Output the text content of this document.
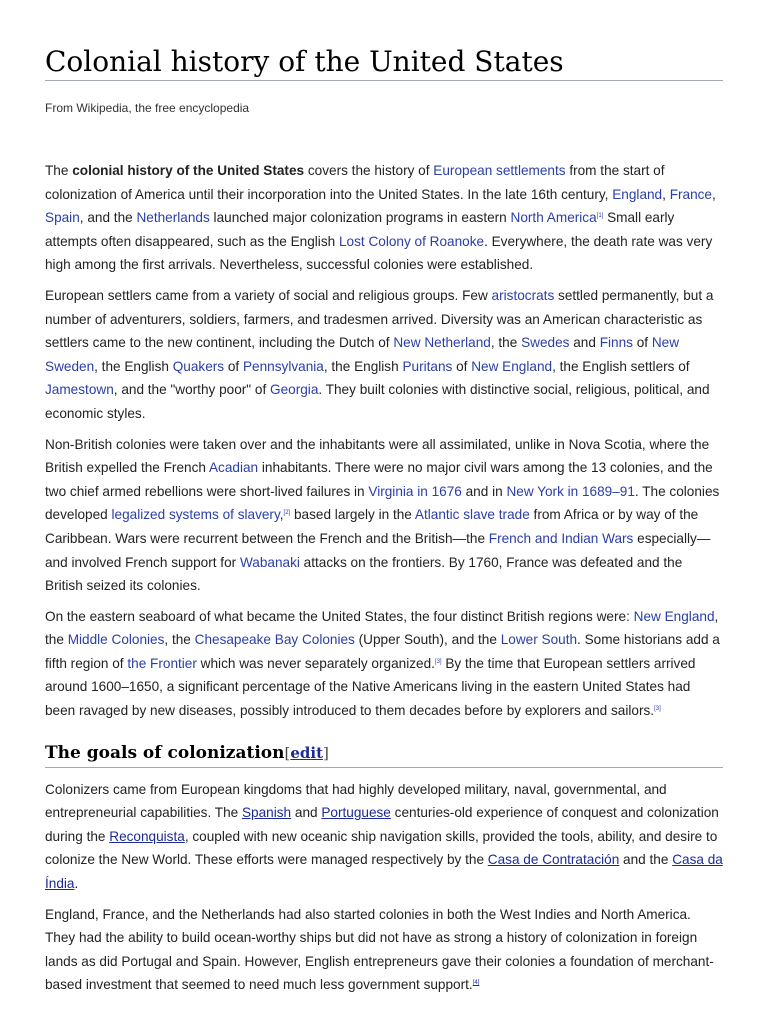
Colonial history of the United States
From Wikipedia, the free encyclopedia

The colonial history of the United States covers the history of European settlements from the start of colonization of America until their incorporation into the United States. In the late 16th century, England, France, Spain, and the Netherlands launched major colonization programs in eastern North America[1] Small early attempts often disappeared, such as the English Lost Colony of Roanoke. Everywhere, the death rate was very high among the first arrivals. Nevertheless, successful colonies were established.

European settlers came from a variety of social and religious groups. Few aristocrats settled permanently, but a number of adventurers, soldiers, farmers, and tradesmen arrived. Diversity was an American characteristic as settlers came to the new continent, including the Dutch of New Netherland, the Swedes and Finns of New Sweden, the English Quakers of Pennsylvania, the English Puritans of New England, the English settlers of Jamestown, and the "worthy poor" of Georgia. They built colonies with distinctive social, religious, political, and economic styles.

Non-British colonies were taken over and the inhabitants were all assimilated, unlike in Nova Scotia, where the British expelled the French Acadian inhabitants. There were no major civil wars among the 13 colonies, and the two chief armed rebellions were short-lived failures in Virginia in 1676 and in New York in 1689–91. The colonies developed legalized systems of slavery,[2] based largely in the Atlantic slave trade from Africa or by way of the Caribbean. Wars were recurrent between the French and the British—the French and Indian Wars especially—and involved French support for Wabanaki attacks on the frontiers. By 1760, France was defeated and the British seized its colonies.

On the eastern seaboard of what became the United States, the four distinct British regions were: New England, the Middle Colonies, the Chesapeake Bay Colonies (Upper South), and the Lower South. Some historians add a fifth region of the Frontier which was never separately organized.[3] By the time that European settlers arrived around 1600–1650, a significant percentage of the Native Americans living in the eastern United States had been ravaged by new diseases, possibly introduced to them decades before by explorers and sailors.[3]

The goals of colonization[edit]

Colonizers came from European kingdoms that had highly developed military, naval, governmental, and entrepreneurial capabilities. The Spanish and Portuguese centuries-old experience of conquest and colonization during the Reconquista, coupled with new oceanic ship navigation skills, provided the tools, ability, and desire to colonize the New World. These efforts were managed respectively by the Casa de Contratación and the Casa da Índia.

England, France, and the Netherlands had also started colonies in both the West Indies and North America. They had the ability to build ocean-worthy ships but did not have as strong a history of colonization in foreign lands as did Portugal and Spain. However, English entrepreneurs gave their colonies a foundation of merchant-based investment that seemed to need much less government support.[4]
